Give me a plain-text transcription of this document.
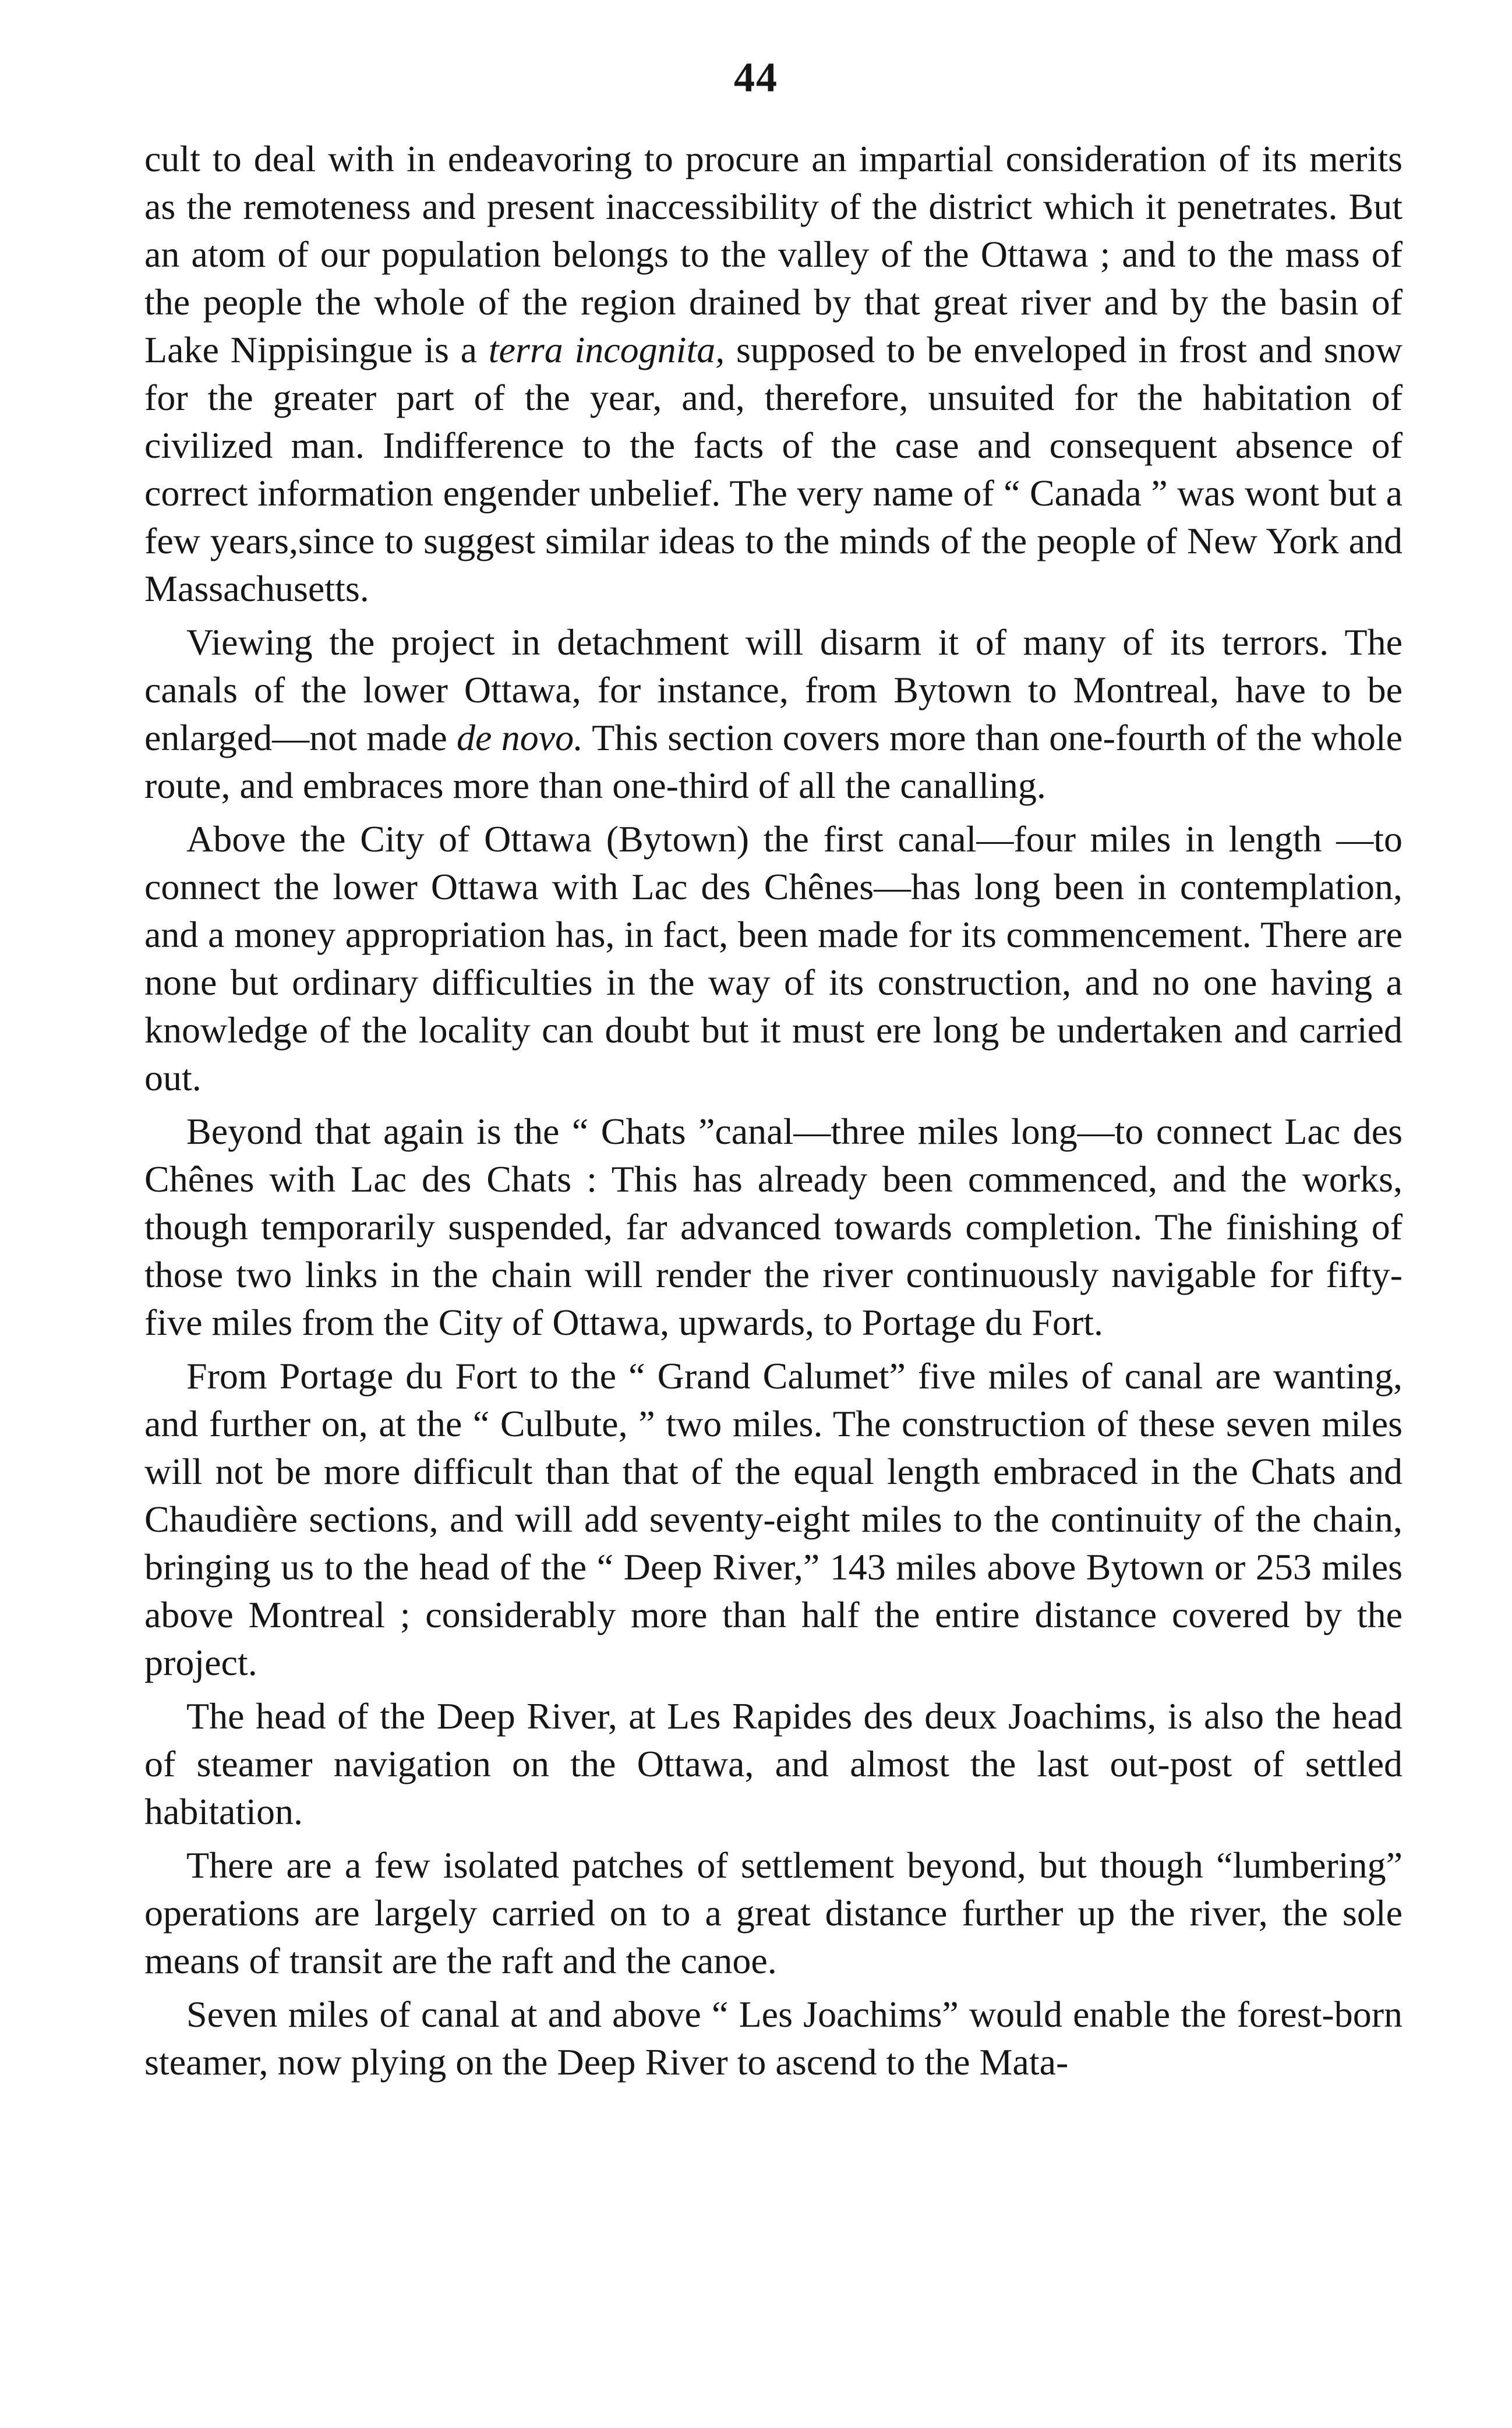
44

cult to deal with in endeavoring to procure an impartial consideration of its merits as the remoteness and present inaccessibility of the district which it penetrates. But an atom of our population belongs to the valley of the Ottawa ; and to the mass of the people the whole of the region drained by that great river and by the basin of Lake Nippisingue is a terra incognita, supposed to be enveloped in frost and snow for the greater part of the year, and, therefore, unsuited for the habitation of civilized man. Indifference to the facts of the case and consequent absence of correct information engender unbelief. The very name of “ Canada ” was wont but a few years,since to suggest similar ideas to the minds of the people of New York and Massachusetts.

Viewing the project in detachment will disarm it of many of its terrors. The canals of the lower Ottawa, for instance, from Bytown to Montreal, have to be enlarged—not made de novo. This section covers more than one-fourth of the whole route, and embraces more than one-third of all the canalling.

Above the City of Ottawa (Bytown) the first canal—four miles in length —to connect the lower Ottawa with Lac des Chênes—has long been in contemplation, and a money appropriation has, in fact, been made for its commencement. There are none but ordinary difficulties in the way of its construction, and no one having a knowledge of the locality can doubt but it must ere long be undertaken and carried out.

Beyond that again is the “ Chats ”canal—three miles long—to connect Lac des Chênes with Lac des Chats : This has already been commenced, and the works, though temporarily suspended, far advanced towards completion. The finishing of those two links in the chain will render the river continuously navigable for fifty-five miles from the City of Ottawa, upwards, to Portage du Fort.

From Portage du Fort to the “ Grand Calumet” five miles of canal are wanting, and further on, at the “ Culbute, ” two miles. The construction of these seven miles will not be more difficult than that of the equal length embraced in the Chats and Chaudière sections, and will add seventy-eight miles to the continuity of the chain, bringing us to the head of the “ Deep River,” 143 miles above Bytown or 253 miles above Montreal ; considerably more than half the entire distance covered by the project.

The head of the Deep River, at Les Rapides des deux Joachims, is also the head of steamer navigation on the Ottawa, and almost the last out-post of settled habitation.

There are a few isolated patches of settlement beyond, but though “lumbering” operations are largely carried on to a great distance further up the river, the sole means of transit are the raft and the canoe.

Seven miles of canal at and above “ Les Joachims” would enable the forest-born steamer, now plying on the Deep River to ascend to the Mata-
